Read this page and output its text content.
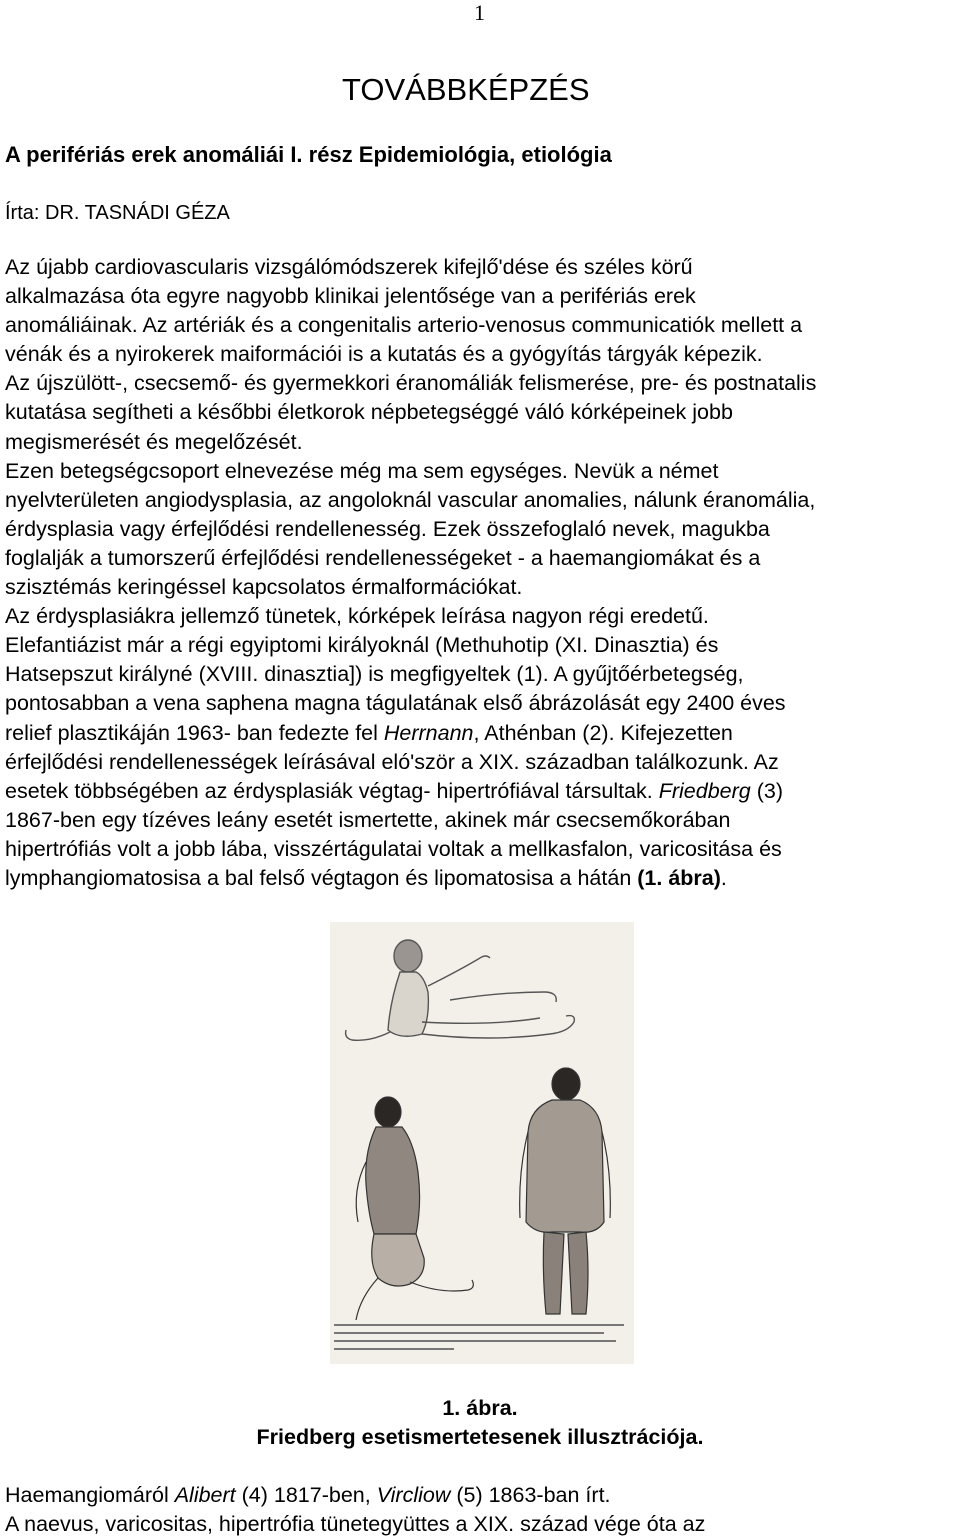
1
TOVÁBBKÉPZÉS
A perifériás erek anomáliái I. rész Epidemiológia, etiológia
Írta: DR. TASNÁDI GÉZA
Az újabb cardiovascularis vizsgálómódszerek kifejlő'dése és széles körű
alkalmazása óta egyre nagyobb klinikai jelentősége van a perifériás erek
anomáliáinak. Az artériák és a congenitalis arterio-venosus communicatiók mellett a
vénák és a nyirokerek maiformációi is a kutatás és a gyógyítás tárgyák képezik.
Az újszülött-, csecsemő- és gyermekkori éranomáliák felismerése, pre- és postnatalis
kutatása segítheti a későbbi életkorok népbetegséggé váló kórképeinek jobb
megismerését és megelőzését.
Ezen betegségcsoport elnevezése még ma sem egységes. Nevük a német
nyelvterületen angiodysplasia, az angoloknál vascular anomalies, nálunk éranomália,
érdysplasia vagy érfejlődési rendellenesség. Ezek összefoglaló nevek, magukba
foglalják a tumorszerű érfejlődési rendellenességeket - a haemangiomákat és a
szisztémás keringéssel kapcsolatos érmalformációkat.
Az érdysplasiákra jellemző tünetek, kórképek leírása nagyon régi eredetű.
Elefantiázist már a régi egyiptomi királyoknál (Methuhotip (XI. Dinasztia) és
Hatsepszut királyné (XVIII. dinasztia]) is megfigyeltek (1). A gyűjtőérbetegség,
pontosabban a vena saphena magna tágulatának első ábrázolását egy 2400 éves
relief plasztikáján 1963- ban fedezte fel Herrnann, Athénban (2). Kifejezetten
érfejlődési rendellenességek leírásával eló'ször a XIX. században találkozunk. Az
esetek többségében az érdysplasiák végtag- hipertrófiával társultak. Friedberg (3)
1867-ben egy tízéves leány esetét ismertette, akinek már csecsemőkorában
hipertrófiás volt a jobb lába, visszértágulatai voltak a mellkasfalon, varicositása és
lymphangiomatosisa a bal felső végtagon és lipomatosisa a hátán (1. ábra).
1. ábra.
Friedberg esetismertetesenek illusztrációja.
Haemangiomáról Alibert (4) 1817-ben, Vircliow (5) 1863-ban írt.
A naevus, varicositas, hipertrófia tünetegyüttes a XIX. század vége óta az
